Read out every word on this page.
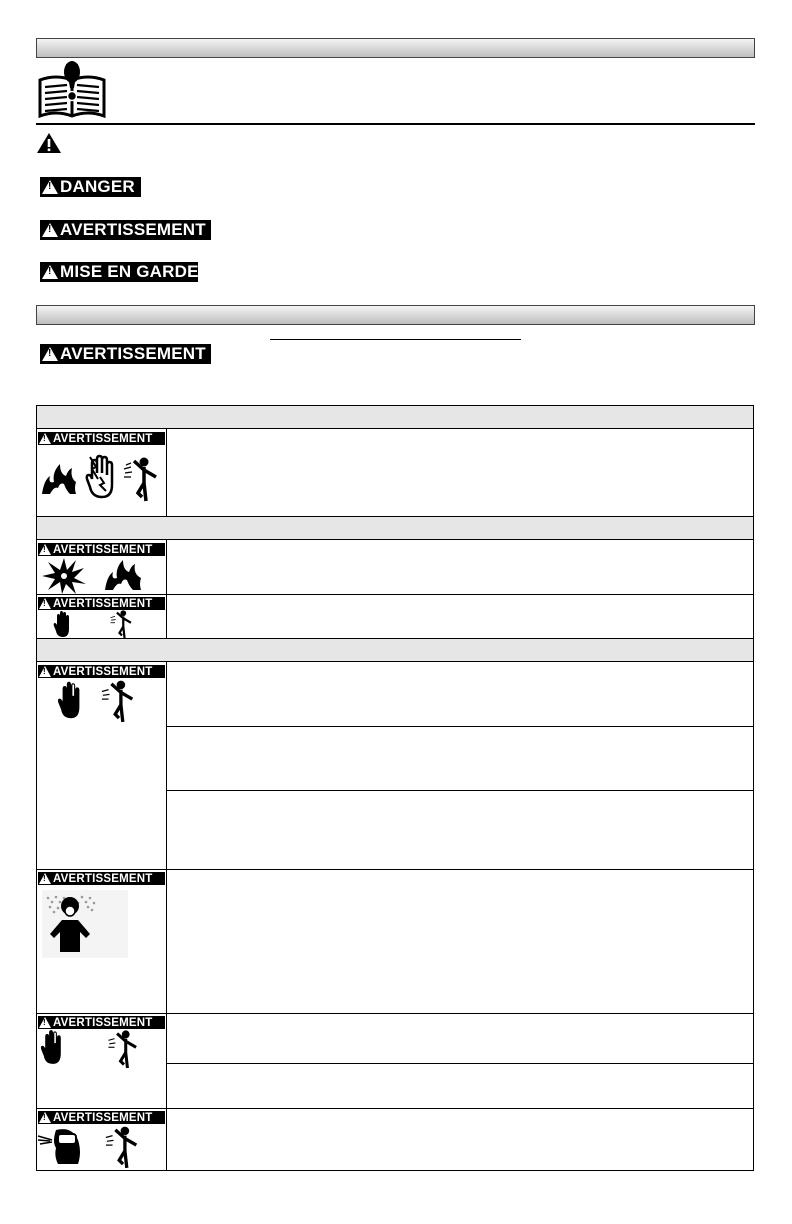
!
DANGER
!
AVERTISSEMENT
!
MISE EN GARDE
!
AVERTISSEMENT
!
AVERTISSEMENT
!
AVERTISSEMENT
!
AVERTISSEMENT
!
AVERTISSEMENT
!
AVERTISSEMENT
!
AVERTISSEMENT
!
AVERTISSEMENT
